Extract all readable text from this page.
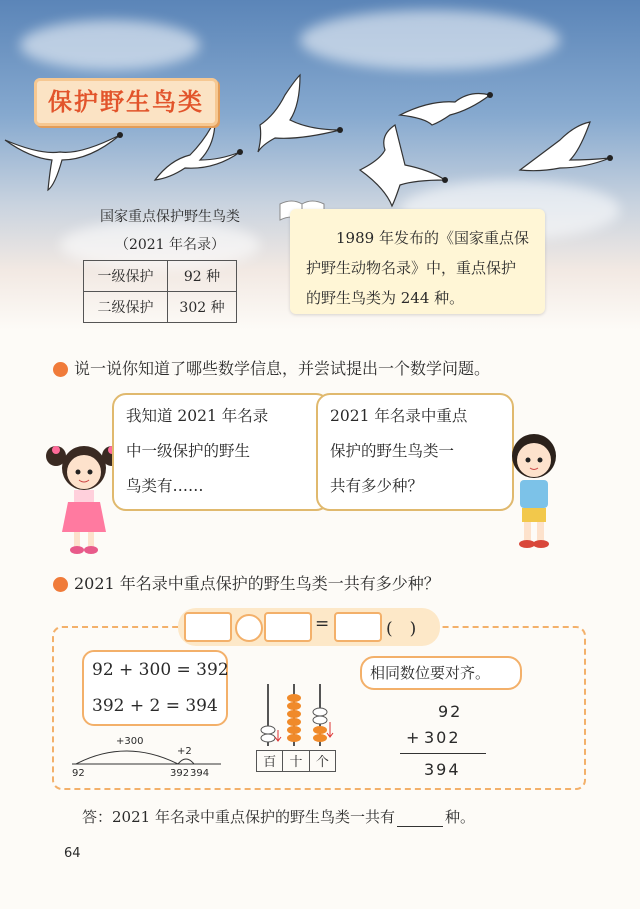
保护野生鸟类
国家重点保护野生鸟类
（2021 年名录）
一级保护	92 种
二级保护	302 种

1989 年发布的《国家重点保护野生动物名录》中，重点保护的野生鸟类为 244 种。

说一说你知道了哪些数学信息，并尝试提出一个数学问题。
我知道 2021 年名录
中一级保护的野生
鸟类有……
2021 年名录中重点
保护的野生鸟类一
共有多少种？
2021 年名录中重点保护的野生鸟类一共有多少种？
=	(　)
92 + 300 = 392
392 + 2 = 394
+300
+2
92	392 394
百	十	个
相同数位要对齐。
92
+ 302
394
答：2021 年名录中重点保护的野生鸟类一共有	种。
64
